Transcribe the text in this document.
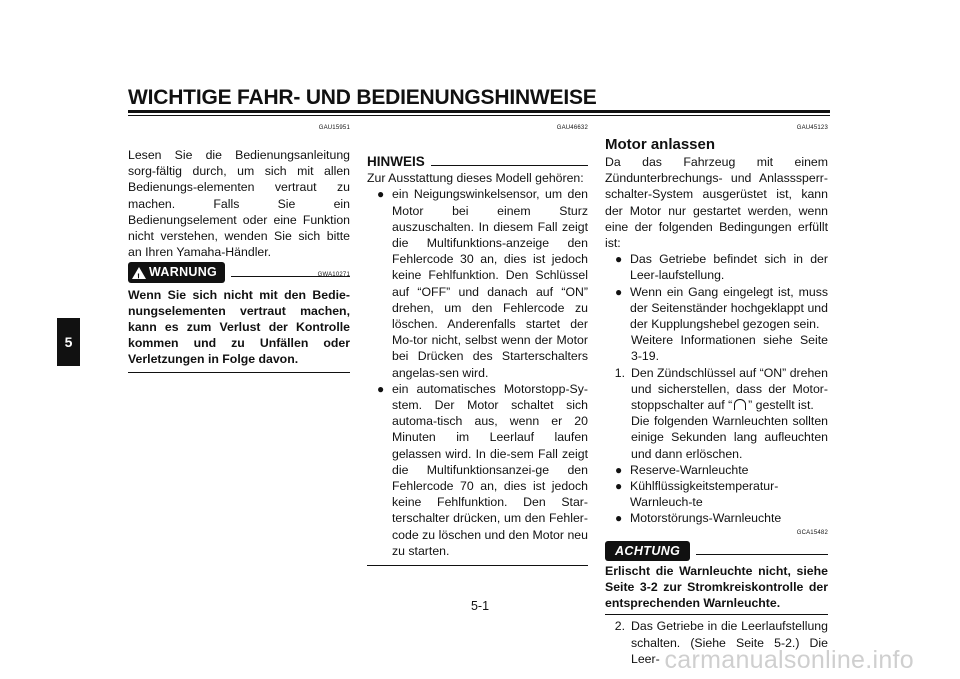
WICHTIGE FAHR- UND BEDIENUNGSHINWEISE
5
GAU15951

Lesen Sie die Bedienungsanleitung sorg-fältig durch, um sich mit allen Bedienungs-elementen vertraut zu machen. Falls Sie ein Bedienungselement oder eine Funktion nicht verstehen, wenden Sie sich bitte an Ihren Yamaha-Händler.

! WARNUNG	GWA10271

Wenn Sie sich nicht mit den Bedie-nungselementen vertraut machen, kann es zum Verlust der Kontrolle kommen und zu Unfällen oder Verletzungen in Folge davon.

GAU46632
HINWEIS

Zur Ausstattung dieses Modell gehören:

● ein Neigungswinkelsensor, um den Motor bei einem Sturz auszuschalten. In diesem Fall zeigt die Multifunktions-anzeige den Fehlercode 30 an, dies ist jedoch keine Fehlfunktion. Den Schlüssel auf “OFF” und danach auf “ON” drehen, um den Fehlercode zu löschen. Anderenfalls startet der Mo-tor nicht, selbst wenn der Motor bei Drücken des Starterschalters angelas-sen wird.
● ein automatisches Motorstopp-Sy-stem. Der Motor schaltet sich automa-tisch aus, wenn er 20 Minuten im Leerlauf laufen gelassen wird. In die-sem Fall zeigt die Multifunktionsanzei-ge den Fehlercode 70 an, dies ist jedoch keine Fehlfunktion. Den Star-terschalter drücken, um den Fehler-code zu löschen und den Motor neu zu starten.
GAU45123
Motor anlassen

Da das Fahrzeug mit einem Zündunterbrechungs- und Anlasssperr-schalter-System ausgerüstet ist, kann der Motor nur gestartet werden, wenn eine der folgenden Bedingungen erfüllt ist:

● Das Getriebe befindet sich in der Leer-laufstellung.
● Wenn ein Gang eingelegt ist, muss der Seitenständer hochgeklappt und der Kupplungshebel gezogen sein.

Weitere Informationen siehe Seite 3-19.

1. Den Zündschlüssel auf “ON” drehen und sicherstellen, dass der Motor-stoppschalter auf “ ” gestellt ist.

Die folgenden Warnleuchten sollten einige Sekunden lang aufleuchten und dann erlöschen.

● Reserve-Warnleuchte
● Kühlflüssigkeitstemperatur-Warnleuch-te
● Motorstörungs-Warnleuchte
GCA15482
ACHTUNG

Erlischt die Warnleuchte nicht, siehe Seite 3-2 zur Stromkreiskontrolle der entsprechenden Warnleuchte.

2. Das Getriebe in die Leerlaufstellung schalten. (Siehe Seite 5-2.) Die Leer-
5-1
carmanualsonline.info
